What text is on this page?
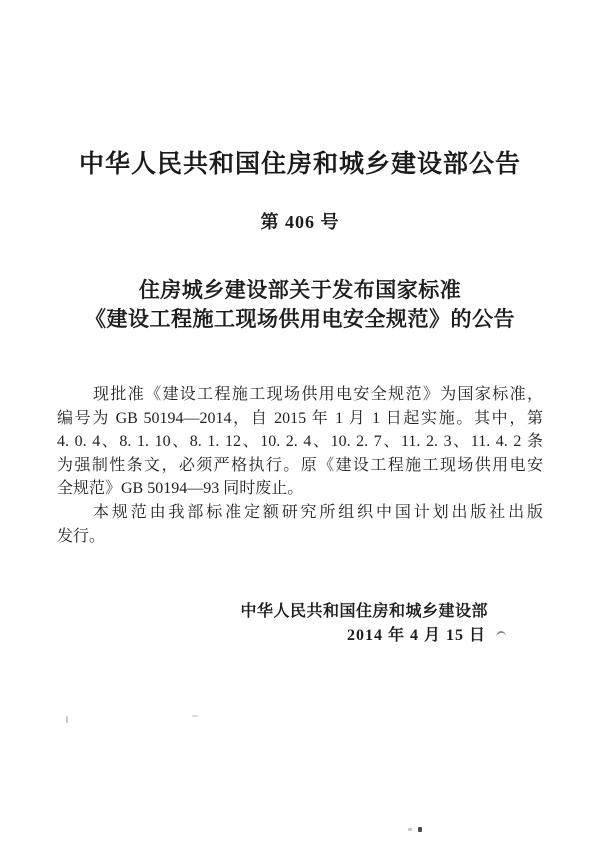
中华人民共和国住房和城乡建设部公告
第 406 号
住房城乡建设部关于发布国家标准
《建设工程施工现场供用电安全规范》的公告
现批准《建设工程施工现场供用电安全规范》为国家标准，
编号为 GB 50194—2014，自 2015 年 1 月 1 日起实施。其中，第
4. 0. 4、8. 1. 10、8. 1. 12、10. 2. 4、10. 2. 7、11. 2. 3、11. 4. 2 条
为强制性条文，必须严格执行。原《建设工程施工现场供用电安
全规范》GB 50194—93 同时废止。
本规范由我部标准定额研究所组织中国计划出版社出版
发行。
中华人民共和国住房和城乡建设部
2014 年 4 月 15 日
